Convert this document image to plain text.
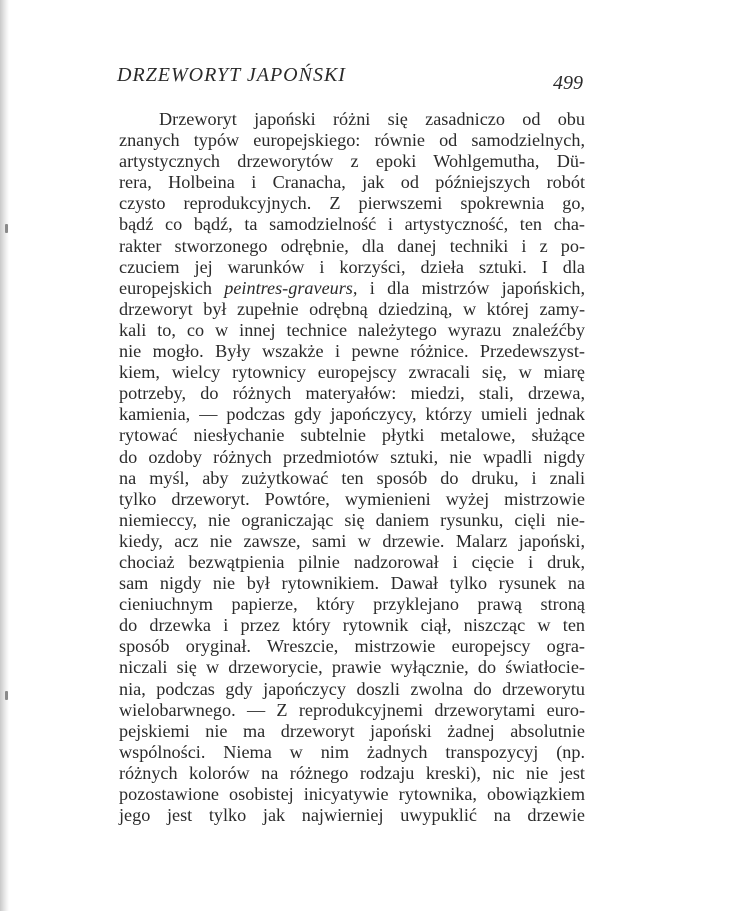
DRZEWORYT JAPOŃSKI	499
Drzeworyt japoński różni się zasadniczo od obu
znanych typów europejskiego: równie od samodzielnych,
artystycznych drzeworytów z epoki Wohlgemutha, Dü-
rera, Holbeina i Cranacha, jak od późniejszych robót
czysto reprodukcyjnych. Z pierwszemi spokrewnia go,
bądź co bądź, ta samodzielność i artystyczność, ten cha-
rakter stworzonego odrębnie, dla danej techniki i z po-
czuciem jej warunków i korzyści, dzieła sztuki. I dla
europejskich peintres-graveurs, i dla mistrzów japońskich,
drzeworyt był zupełnie odrębną dziedziną, w której zamy-
kali to, co w innej technice należytego wyrazu znaleźćby
nie mogło. Były wszakże i pewne różnice. Przedewszyst-
kiem, wielcy rytownicy europejscy zwracali się, w miarę
potrzeby, do różnych materyałów: miedzi, stali, drzewa,
kamienia, — podczas gdy japończycy, którzy umieli jednak
rytować niesłychanie subtelnie płytki metalowe, służące
do ozdoby różnych przedmiotów sztuki, nie wpadli nigdy
na myśl, aby zużytkować ten sposób do druku, i znali
tylko drzeworyt. Powtóre, wymienieni wyżej mistrzowie
niemieccy, nie ograniczając się daniem rysunku, cięli nie-
kiedy, acz nie zawsze, sami w drzewie. Malarz japoński,
chociaż bezwątpienia pilnie nadzorował i cięcie i druk,
sam nigdy nie był rytownikiem. Dawał tylko rysunek na
cieniuchnym papierze, który przyklejano prawą stroną
do drzewka i przez który rytownik ciął, niszcząc w ten
sposób oryginał. Wreszcie, mistrzowie europejscy ogra-
niczali się w drzeworycie, prawie wyłącznie, do światłocie-
nia, podczas gdy japończycy doszli zwolna do drzeworytu
wielobarwnego. — Z reprodukcyjnemi drzeworytami euro-
pejskiemi nie ma drzeworyt japoński żadnej absolutnie
wspólności. Niema w nim żadnych transpozycyj (np.
różnych kolorów na różnego rodzaju kreski), nic nie jest
pozostawione osobistej inicyatywie rytownika, obowiązkiem
jego jest tylko jak najwierniej uwypuklić na drzewie
